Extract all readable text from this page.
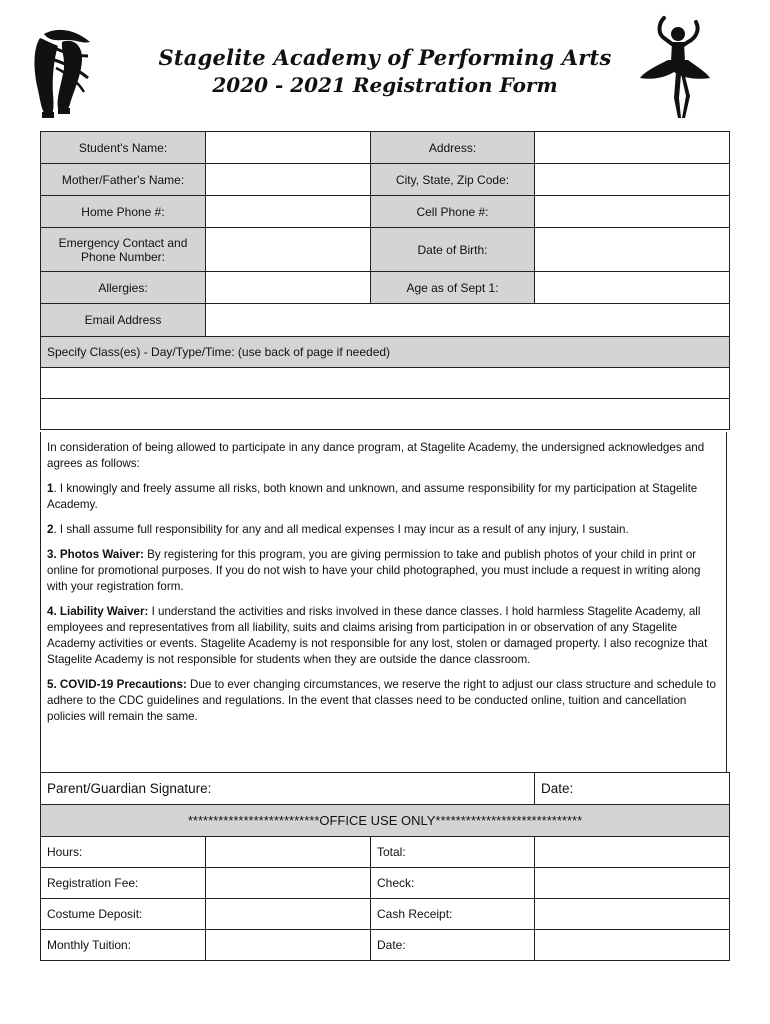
Stagelite Academy of Performing Arts
2020 - 2021 Registration Form
Student's Name:		Address:	
Mother/Father's Name:		City, State, Zip Code:	
Home Phone #:		Cell Phone #:	
Emergency Contact and Phone Number:		Date of Birth:	
Allergies:		Age as of Sept 1:	
Email Address			
Specify Class(es) - Day/Type/Time: (use back of page if needed)			

In consideration of being allowed to participate in any dance program, at Stagelite Academy, the undersigned acknowledges and agrees as follows:

1. I knowingly and freely assume all risks, both known and unknown, and assume responsibility for my participation at Stagelite Academy.

2. I shall assume full responsibility for any and all medical expenses I may incur as a result of any injury, I sustain.

3. Photos Waiver: By registering for this program, you are giving permission to take and publish photos of your child in print or online for promotional purposes. If you do not wish to have your child photographed, you must include a request in writing along with your registration form.

4. Liability Waiver: I understand the activities and risks involved in these dance classes. I hold harmless Stagelite Academy, all employees and representatives from all liability, suits and claims arising from participation in or observation of any Stagelite Academy activities or events. Stagelite Academy is not responsible for any lost, stolen or damaged property. I also recognize that Stagelite Academy is not responsible for students when they are outside the dance classroom.

5. COVID-19 Precautions: Due to ever changing circumstances, we reserve the right to adjust our class structure and schedule to adhere to the CDC guidelines and regulations. In the event that classes need to be conducted online, tuition and cancellation policies will remain the same.

Parent/Guardian Signature:	Date:
**************************OFFICE USE ONLY*****************************			
Hours:		Total:	
Registration Fee:		Check:	
Costume Deposit:		Cash Receipt:	
Monthly Tuition:		Date:	
